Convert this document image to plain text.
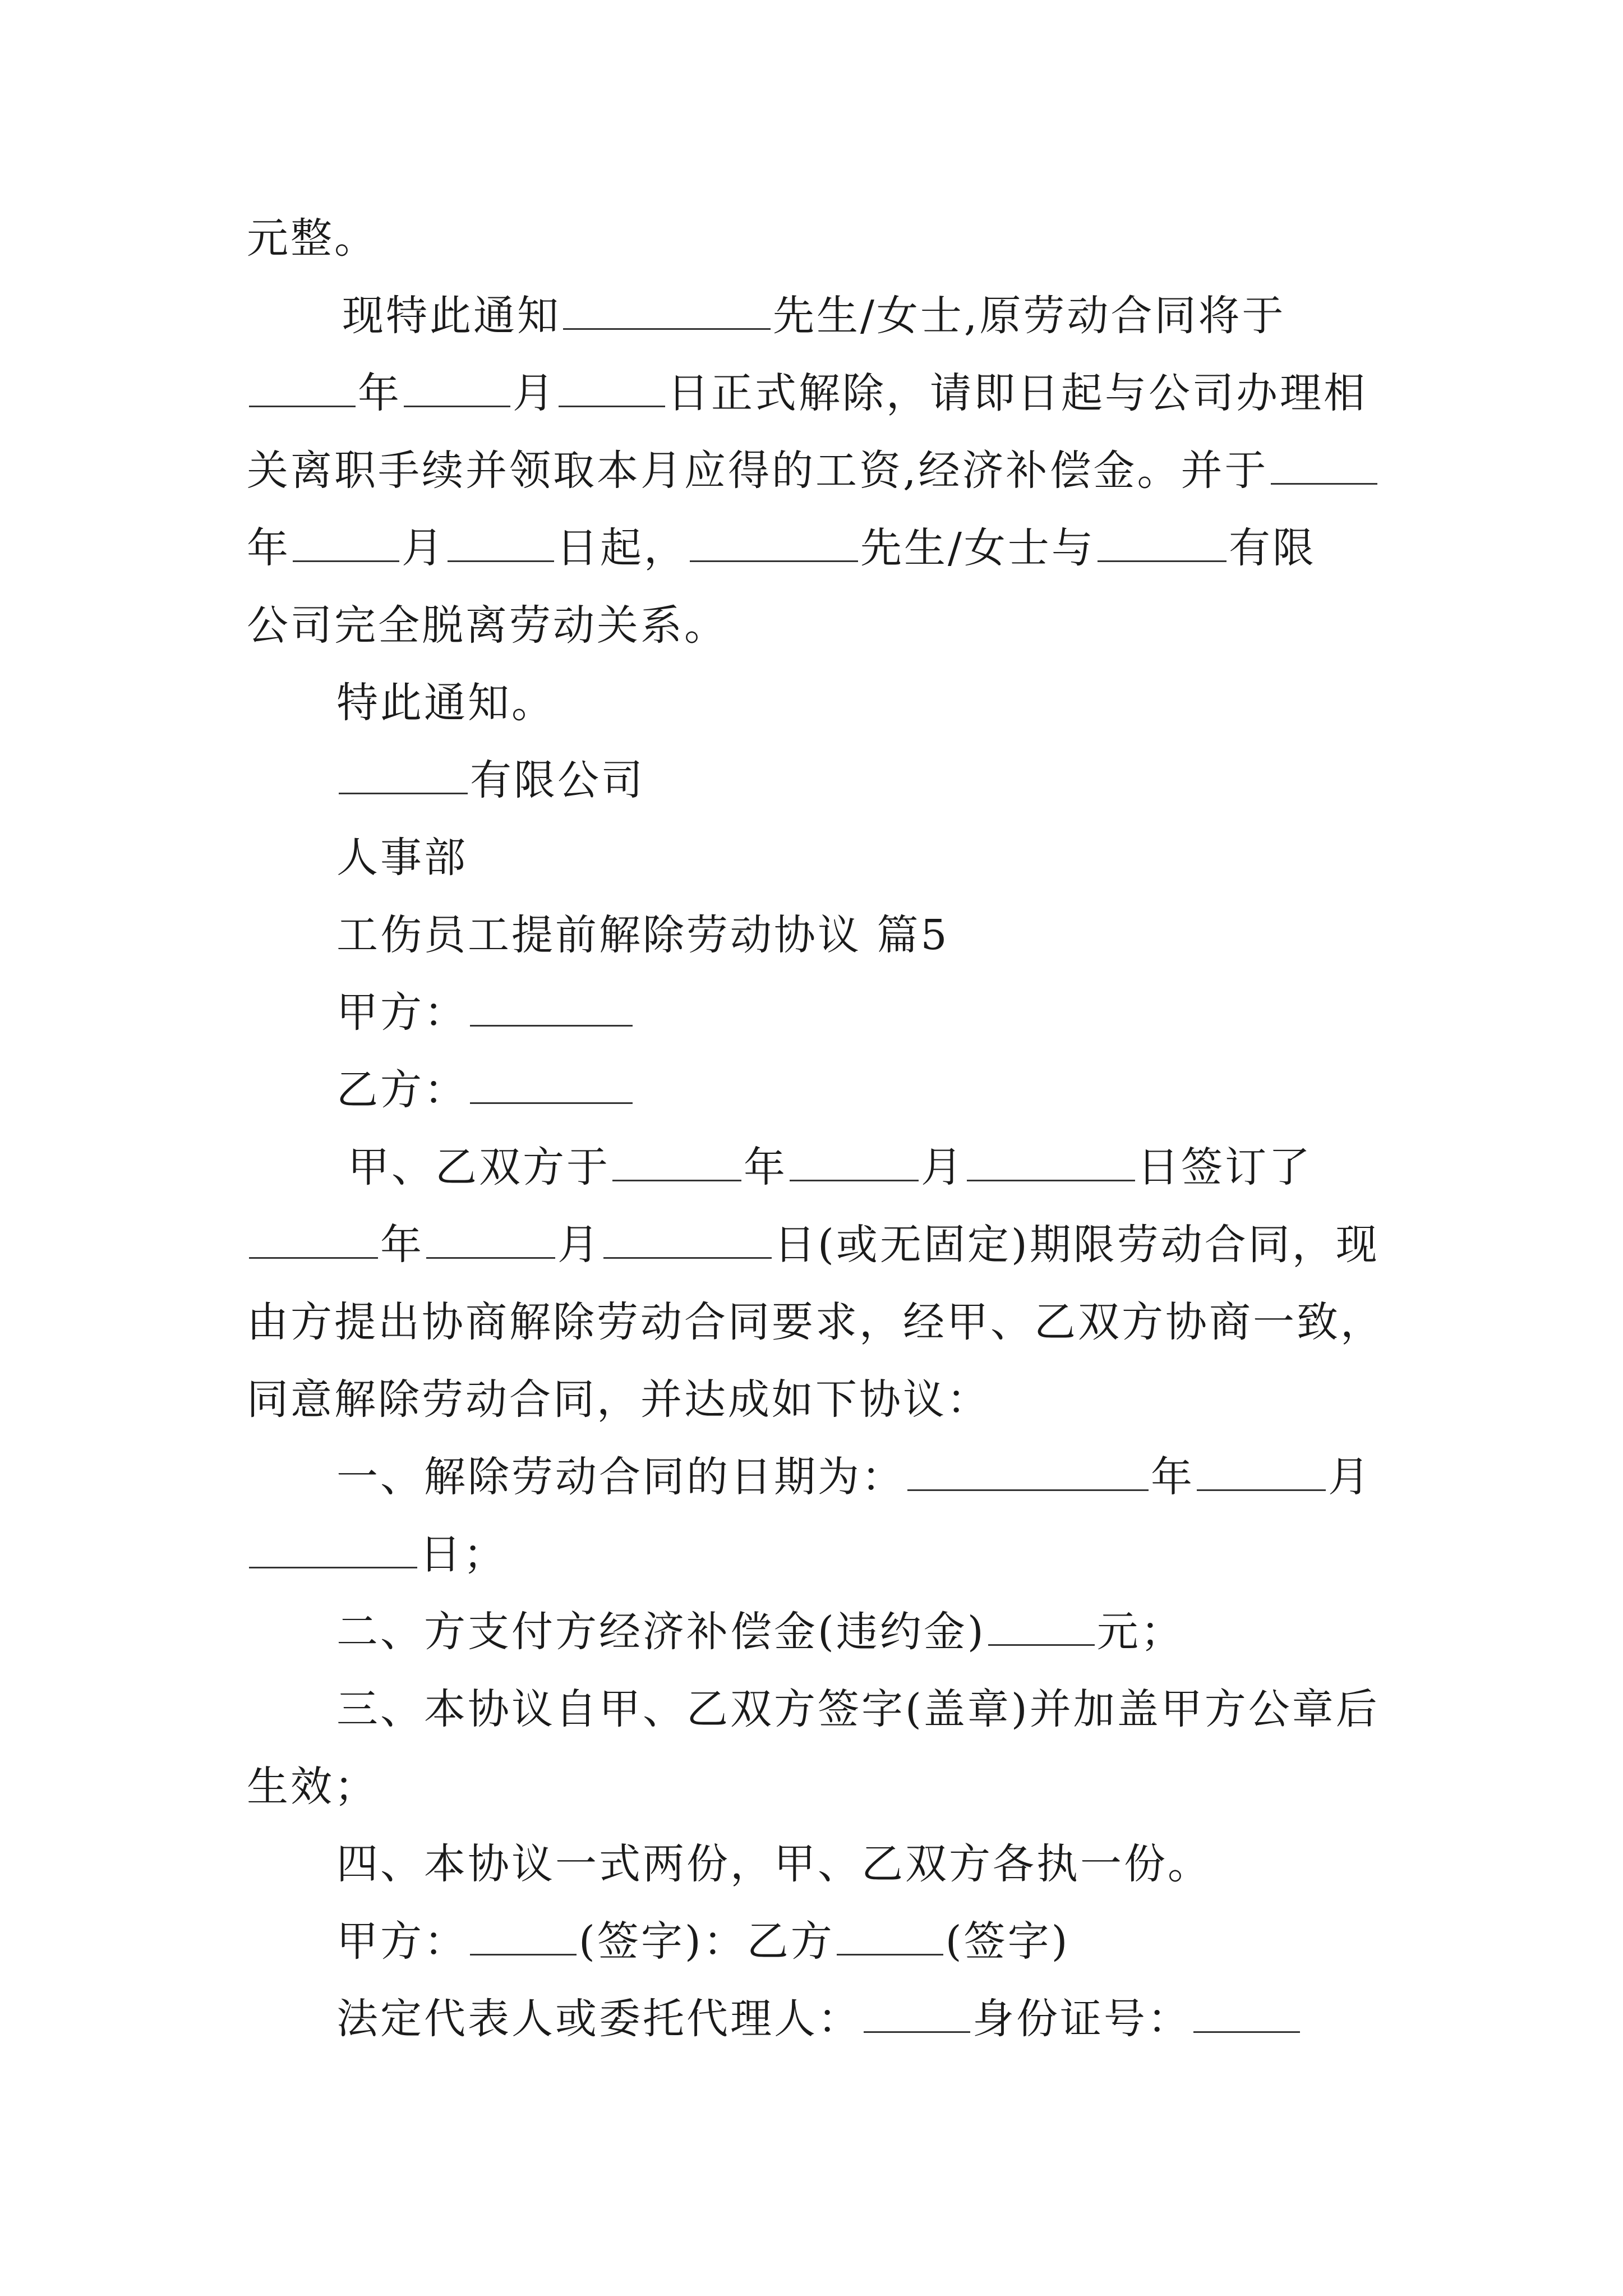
元整。
现特此通知	先生/女士,原劳动合同将于
年	月	日正式解除，请即日起与公司办理相
关离职手续并领取本月应得的工资,经济补偿金。并于
年	月	日起，	先生/女士与	有限
公司完全脱离劳动关系。
特此通知。
有限公司
人事部
工伤员工提前解除劳动协议 篇5
甲方：
乙方：
甲、乙双方于	年	月	日签订了
年	月	日(或无固定)期限劳动合同，现
由方提出协商解除劳动合同要求，经甲、乙双方协商一致，
同意解除劳动合同，并达成如下协议：
一、解除劳动合同的日期为：	年	月
日；
二、方支付方经济补偿金(违约金)	元；
三、本协议自甲、乙双方签字(盖章)并加盖甲方公章后
生效；
四、本协议一式两份，甲、乙双方各执一份。
甲方：	(签字)：乙方	(签字)
法定代表人或委托代理人：	身份证号：
